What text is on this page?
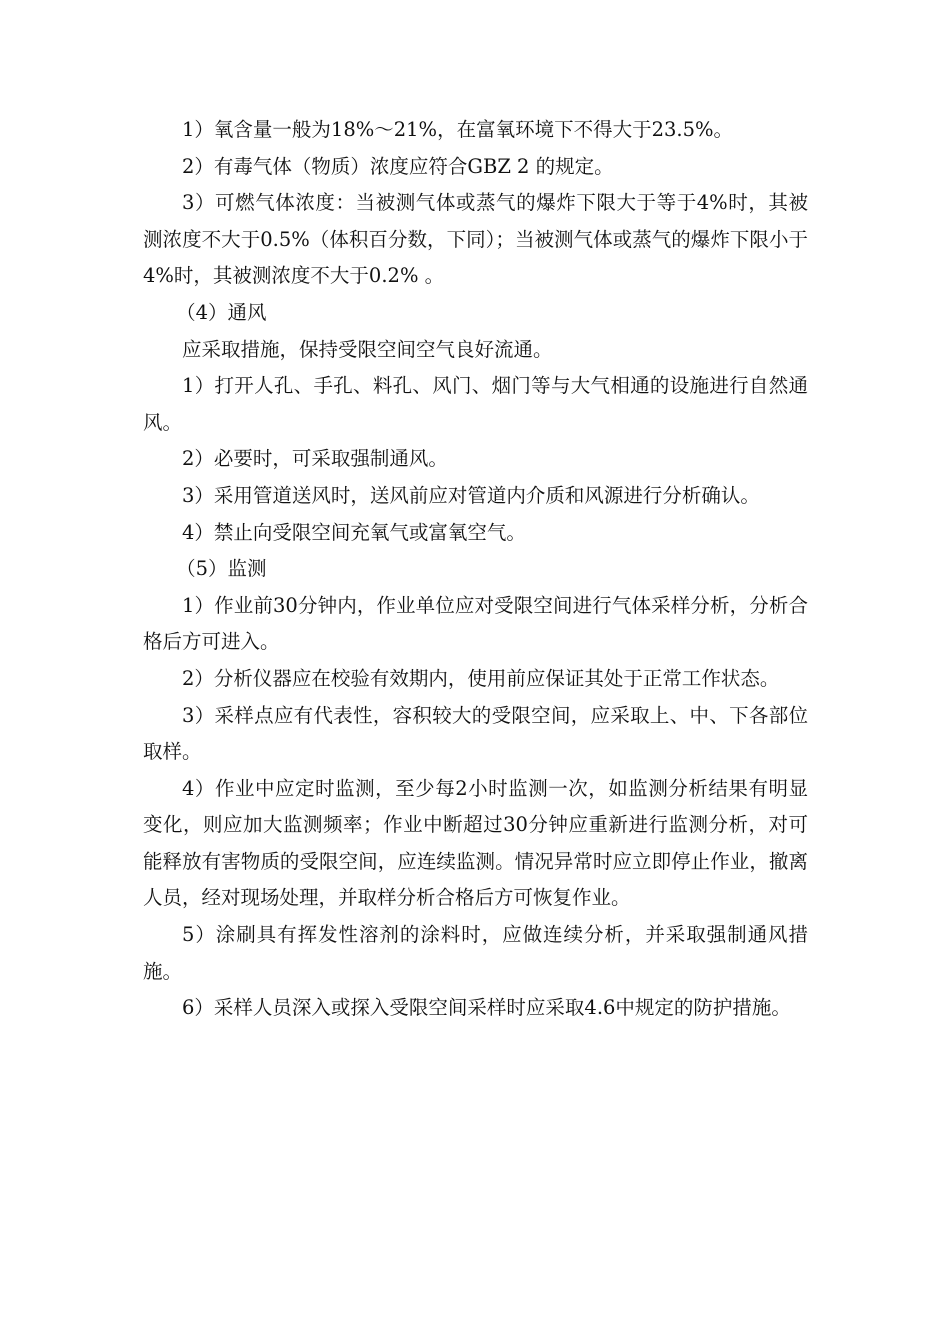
1）氧含量一般为18%～21%，在富氧环境下不得大于23.5%。

2）有毒气体（物质）浓度应符合GBZ 2 的规定。

3）可燃气体浓度：当被测气体或蒸气的爆炸下限大于等于4%时，其被测浓度不大于0.5%（体积百分数，下同）；当被测气体或蒸气的爆炸下限小于4%时，其被测浓度不大于0.2% 。

（4）通风

应采取措施，保持受限空间空气良好流通。

1）打开人孔、手孔、料孔、风门、烟门等与大气相通的设施进行自然通风。

2）必要时，可采取强制通风。

3）采用管道送风时，送风前应对管道内介质和风源进行分析确认。

4）禁止向受限空间充氧气或富氧空气。

（5）监测

1）作业前30分钟内，作业单位应对受限空间进行气体采样分析，分析合格后方可进入。

2）分析仪器应在校验有效期内，使用前应保证其处于正常工作状态。

3）采样点应有代表性，容积较大的受限空间，应采取上、中、下各部位取样。

4）作业中应定时监测，至少每2小时监测一次，如监测分析结果有明显变化，则应加大监测频率；作业中断超过30分钟应重新进行监测分析，对可能释放有害物质的受限空间，应连续监测。情况异常时应立即停止作业，撤离人员，经对现场处理，并取样分析合格后方可恢复作业。

5）涂刷具有挥发性溶剂的涂料时，应做连续分析，并采取强制通风措施。

6）采样人员深入或探入受限空间采样时应采取4.6中规定的防护措施。
